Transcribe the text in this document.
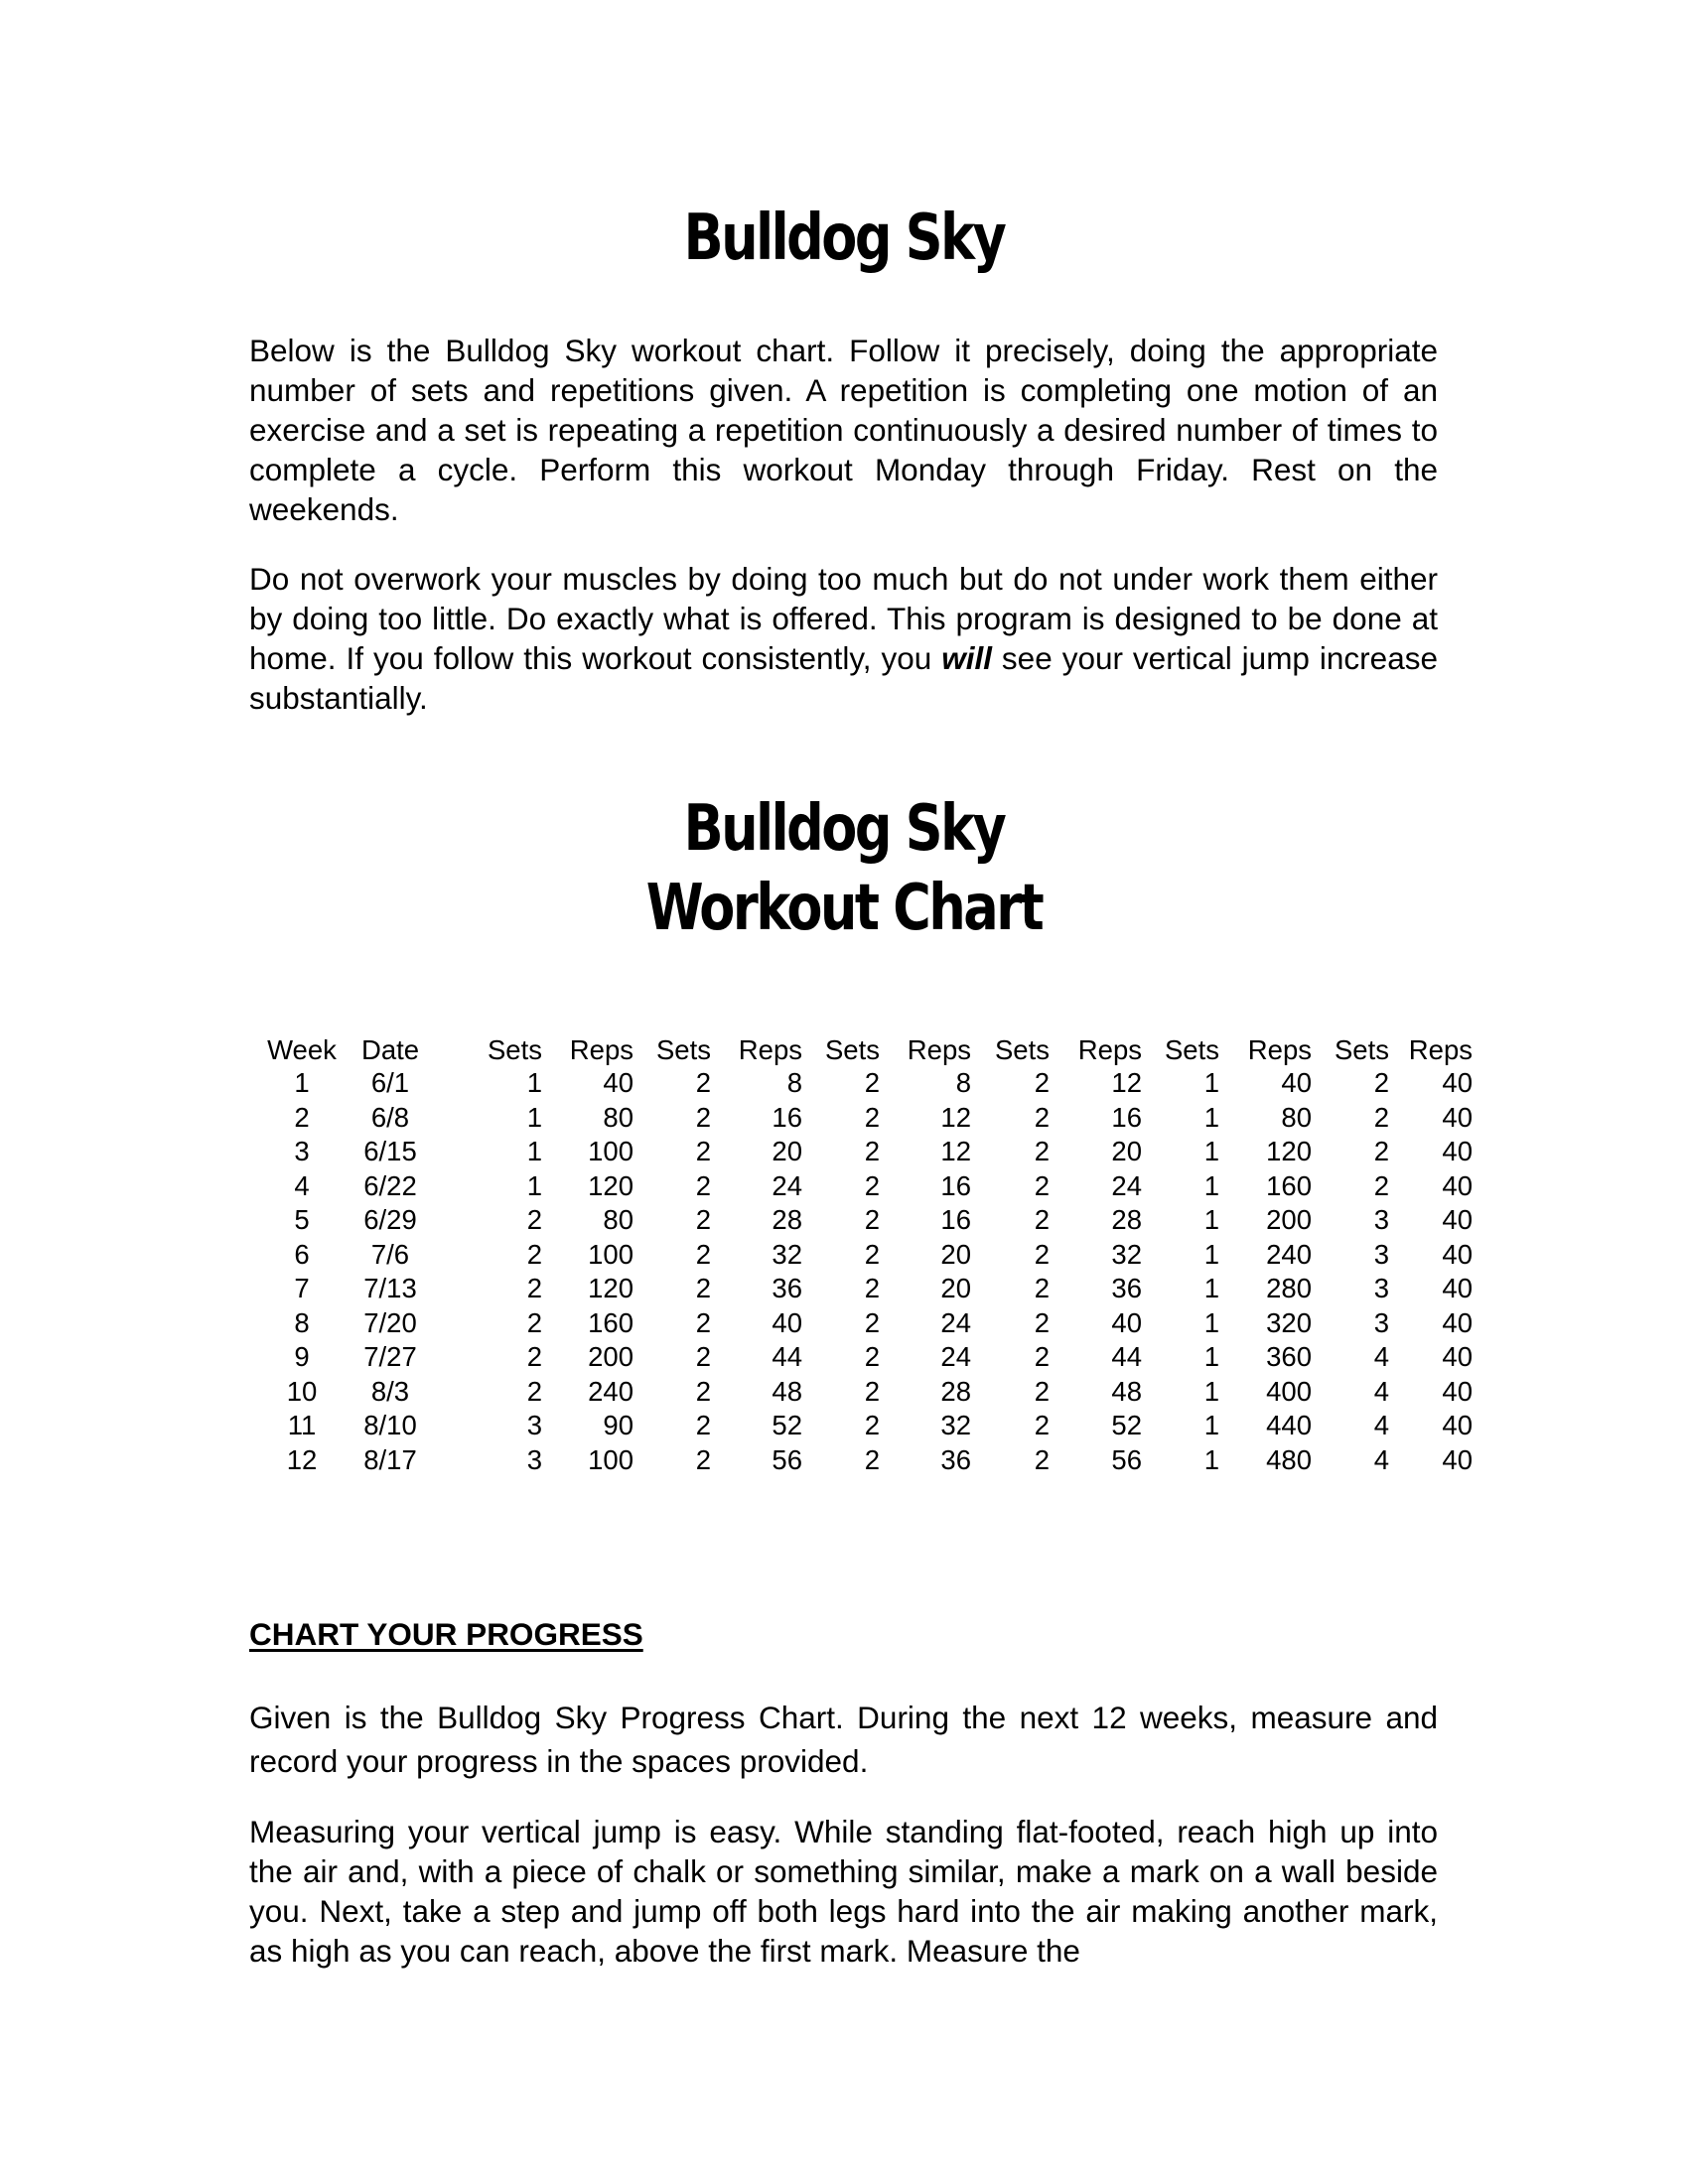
Bulldog Sky

Below is the Bulldog Sky workout chart. Follow it precisely, doing the appropriate number of sets and repetitions given. A repetition is completing one motion of an exercise and a set is repeating a repetition continuously a desired number of times to complete a cycle. Perform this workout Monday through Friday. Rest on the weekends.

Do not overwork your muscles by doing too much but do not under work them either by doing too little. Do exactly what is offered. This program is designed to be done at home. If you follow this workout consistently, you will see your vertical jump increase substantially.

Bulldog Sky
Workout Chart
Week	Date	Sets	Reps	Sets	Reps	Sets	Reps	Sets	Reps	Sets	Reps	Sets	Reps
1	6/1	1	40	2	8	2	8	2	12	1	40	2	40
2	6/8	1	80	2	16	2	12	2	16	1	80	2	40
3	6/15	1	100	2	20	2	12	2	20	1	120	2	40
4	6/22	1	120	2	24	2	16	2	24	1	160	2	40
5	6/29	2	80	2	28	2	16	2	28	1	200	3	40
6	7/6	2	100	2	32	2	20	2	32	1	240	3	40
7	7/13	2	120	2	36	2	20	2	36	1	280	3	40
8	7/20	2	160	2	40	2	24	2	40	1	320	3	40
9	7/27	2	200	2	44	2	24	2	44	1	360	4	40
10	8/3	2	240	2	48	2	28	2	48	1	400	4	40
11	8/10	3	90	2	52	2	32	2	52	1	440	4	40
12	8/17	3	100	2	56	2	36	2	56	1	480	4	40
CHART YOUR PROGRESS

Given is the Bulldog Sky Progress Chart. During the next 12 weeks, measure and record your progress in the spaces provided.

Measuring your vertical jump is easy. While standing flat-footed, reach high up into the air and, with a piece of chalk or something similar, make a mark on a wall beside you. Next, take a step and jump off both legs hard into the air making another mark, as high as you can reach, above the first mark. Measure the
